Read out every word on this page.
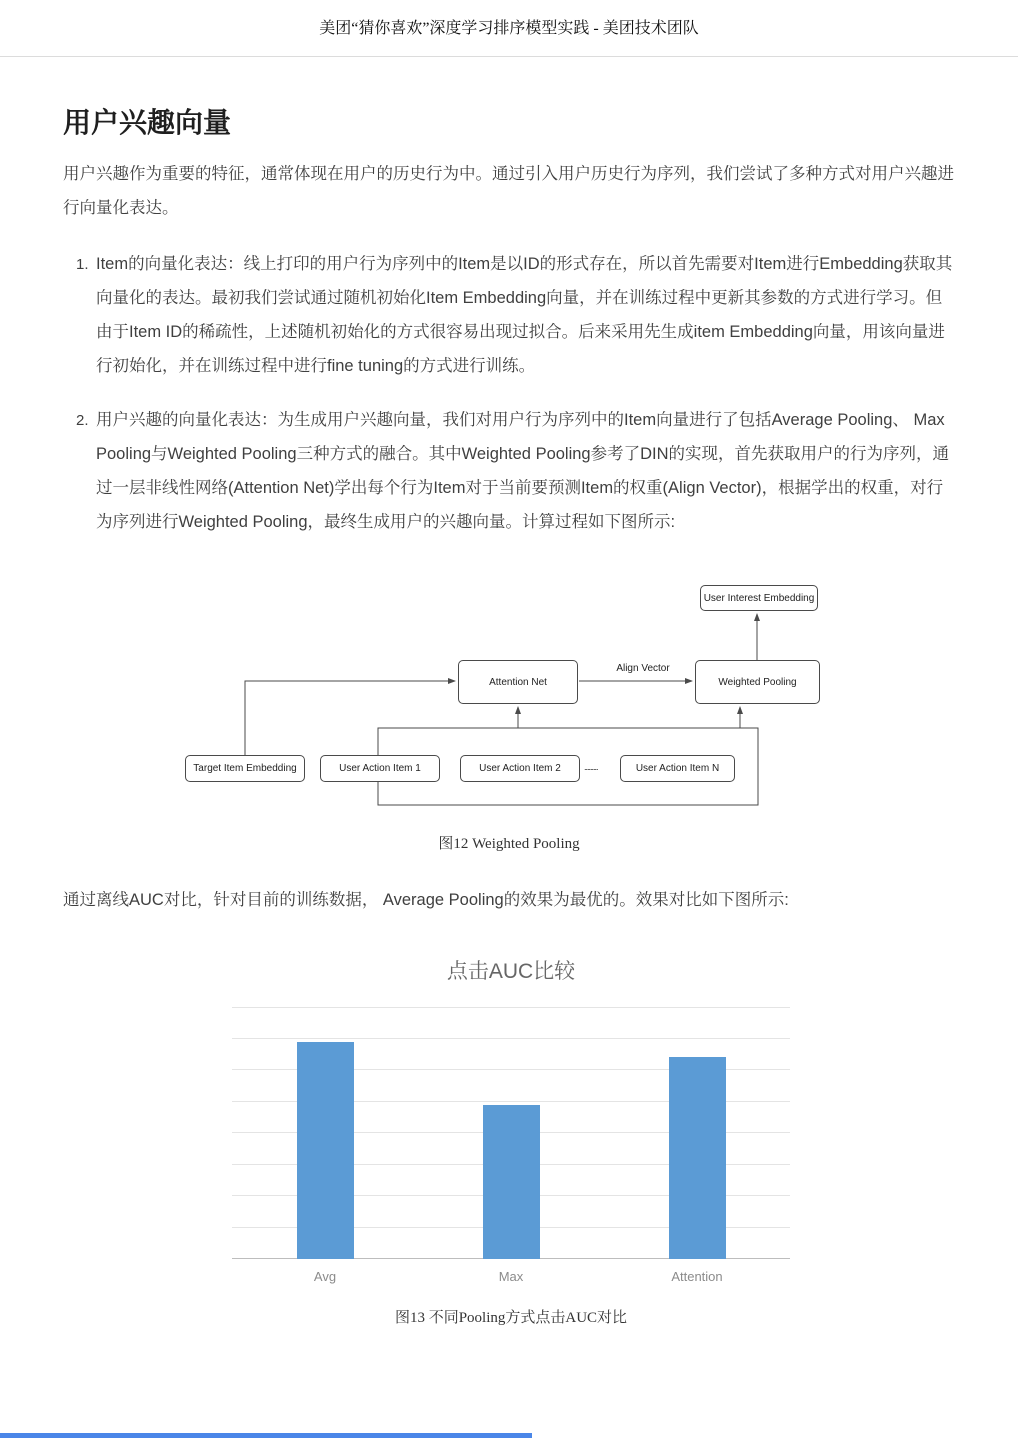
美团“猜你喜欢”深度学习排序模型实践 - 美团技术团队
用户兴趣向量

用户兴趣作为重要的特征，通常体现在用户的历史行为中。通过引入用户历史行为序列，我们尝试了多种方式对用户兴趣进行向量化表达。

1. Item的向量化表达：线上打印的用户行为序列中的Item是以ID的形式存在，所以首先需要对Item进行Embedding获取其向量化的表达。最初我们尝试通过随机初始化Item Embedding向量，并在训练过程中更新其参数的方式进行学习。但由于Item ID的稀疏性，上述随机初始化的方式很容易出现过拟合。后来采用先生成item Embedding向量，用该向量进行初始化，并在训练过程中进行fine tuning的方式进行训练。
2. 用户兴趣的向量化表达：为生成用户兴趣向量，我们对用户行为序列中的Item向量进行了包括Average Pooling、 Max Pooling与Weighted Pooling三种方式的融合。其中Weighted Pooling参考了DIN的实现，首先获取用户的行为序列，通过一层非线性网络(Attention Net)学出每个行为Item对于当前要预测Item的权重(Align Vector)，根据学出的权重，对行为序列进行Weighted Pooling，最终生成用户的兴趣向量。计算过程如下图所示:
User Interest Embedding
Attention Net	Weighted Pooling
Align Vector
Target Item Embedding	User Action Item 1	User Action Item 2	.........	User Action Item N
图12 Weighted Pooling

通过离线AUC对比，针对目前的训练数据， Average Pooling的效果为最优的。效果对比如下图所示:

点击AUC比较
Avg	Max	Attention
图13 不同Pooling方式点击AUC对比
